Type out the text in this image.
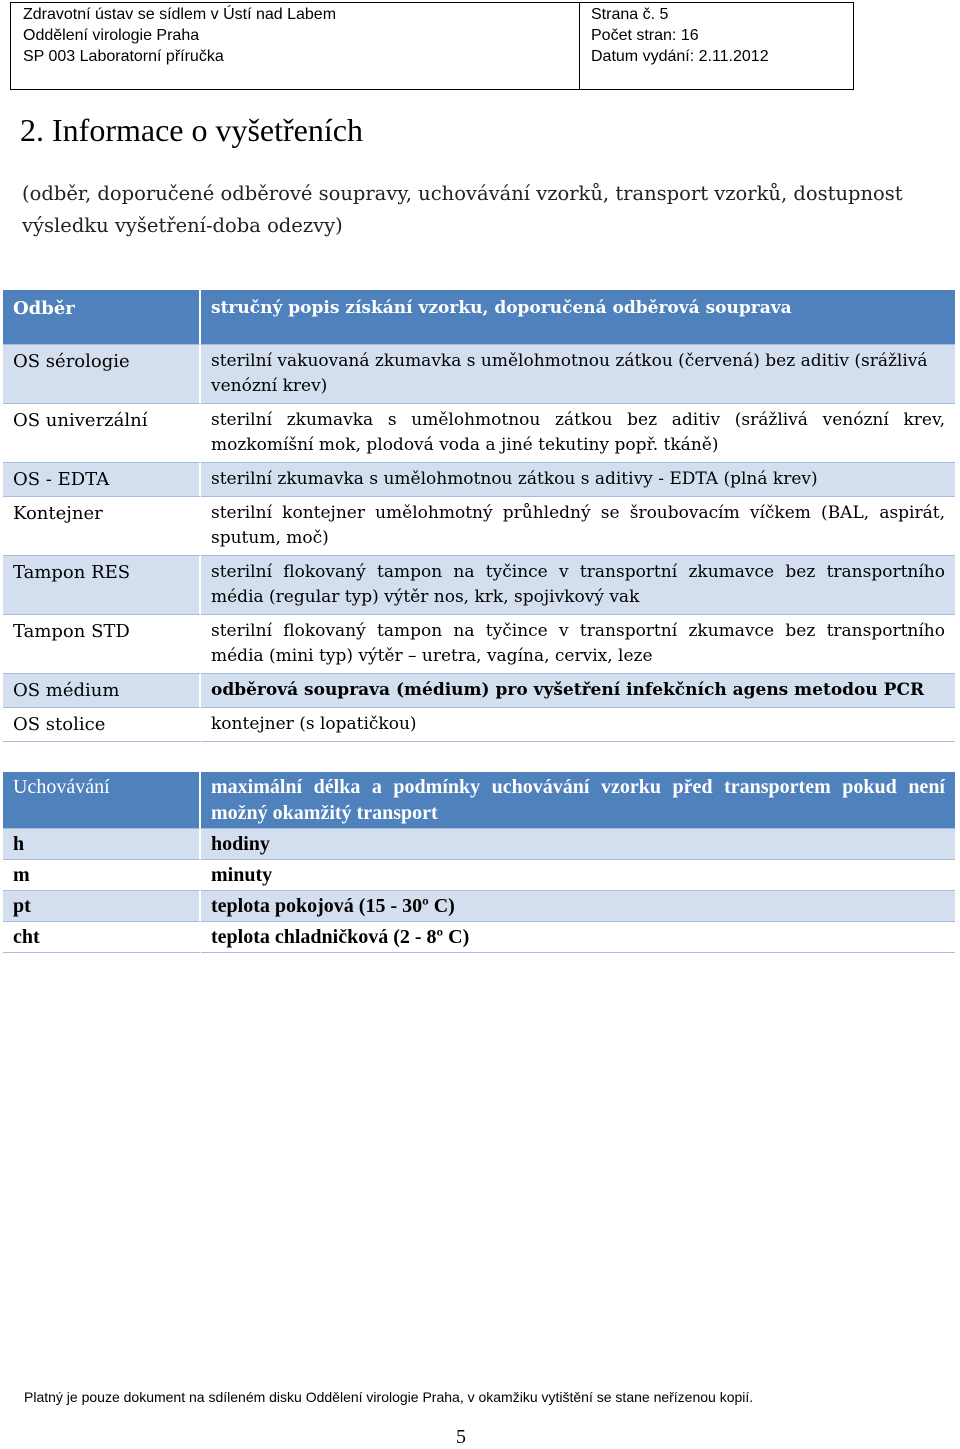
Zdravotní ústav se sídlem v Ústí nad Labem
Oddělení virologie Praha
SP 003 Laboratorní příručka
Strana č. 5
Počet stran: 16
Datum vydání: 2.11.2012
2. Informace o vyšetřeních
(odběr, doporučené odběrové soupravy, uchovávání vzorků, transport vzorků, dostupnost výsledku vyšetření-doba odezvy)
Odběr	stručný popis získání vzorku, doporučená odběrová souprava
OS sérologie	sterilní vakuovaná zkumavka s umělohmotnou zátkou (červená) bez aditiv (srážlivá venózní krev)
OS univerzální	sterilní zkumavka s umělohmotnou zátkou bez aditiv (srážlivá venózní krev, mozkomíšní mok, plodová voda a jiné tekutiny popř. tkáně)
OS - EDTA	sterilní zkumavka s umělohmotnou zátkou s aditivy - EDTA (plná krev)
Kontejner	sterilní kontejner umělohmotný průhledný se šroubovacím víčkem (BAL, aspirát, sputum, moč)
Tampon RES	sterilní flokovaný tampon na tyčince v transportní zkumavce bez transportního média (regular typ) výtěr nos, krk, spojivkový vak
Tampon STD	sterilní flokovaný tampon na tyčince v transportní zkumavce bez transportního média (mini typ) výtěr – uretra, vagína, cervix, leze
OS médium	odběrová souprava (médium) pro vyšetření infekčních agens metodou PCR
OS stolice	kontejner (s lopatičkou)
Uchovávání	maximální délka a podmínky uchovávání vzorku před transportem pokud není možný okamžitý transport
h	hodiny
m	minuty
pt	teplota pokojová (15 - 30º C)
cht	teplota chladničková (2 - 8º C)
Platný je pouze dokument na sdíleném disku Oddělení virologie Praha, v okamžiku vytištění se stane neřízenou kopií.
5
